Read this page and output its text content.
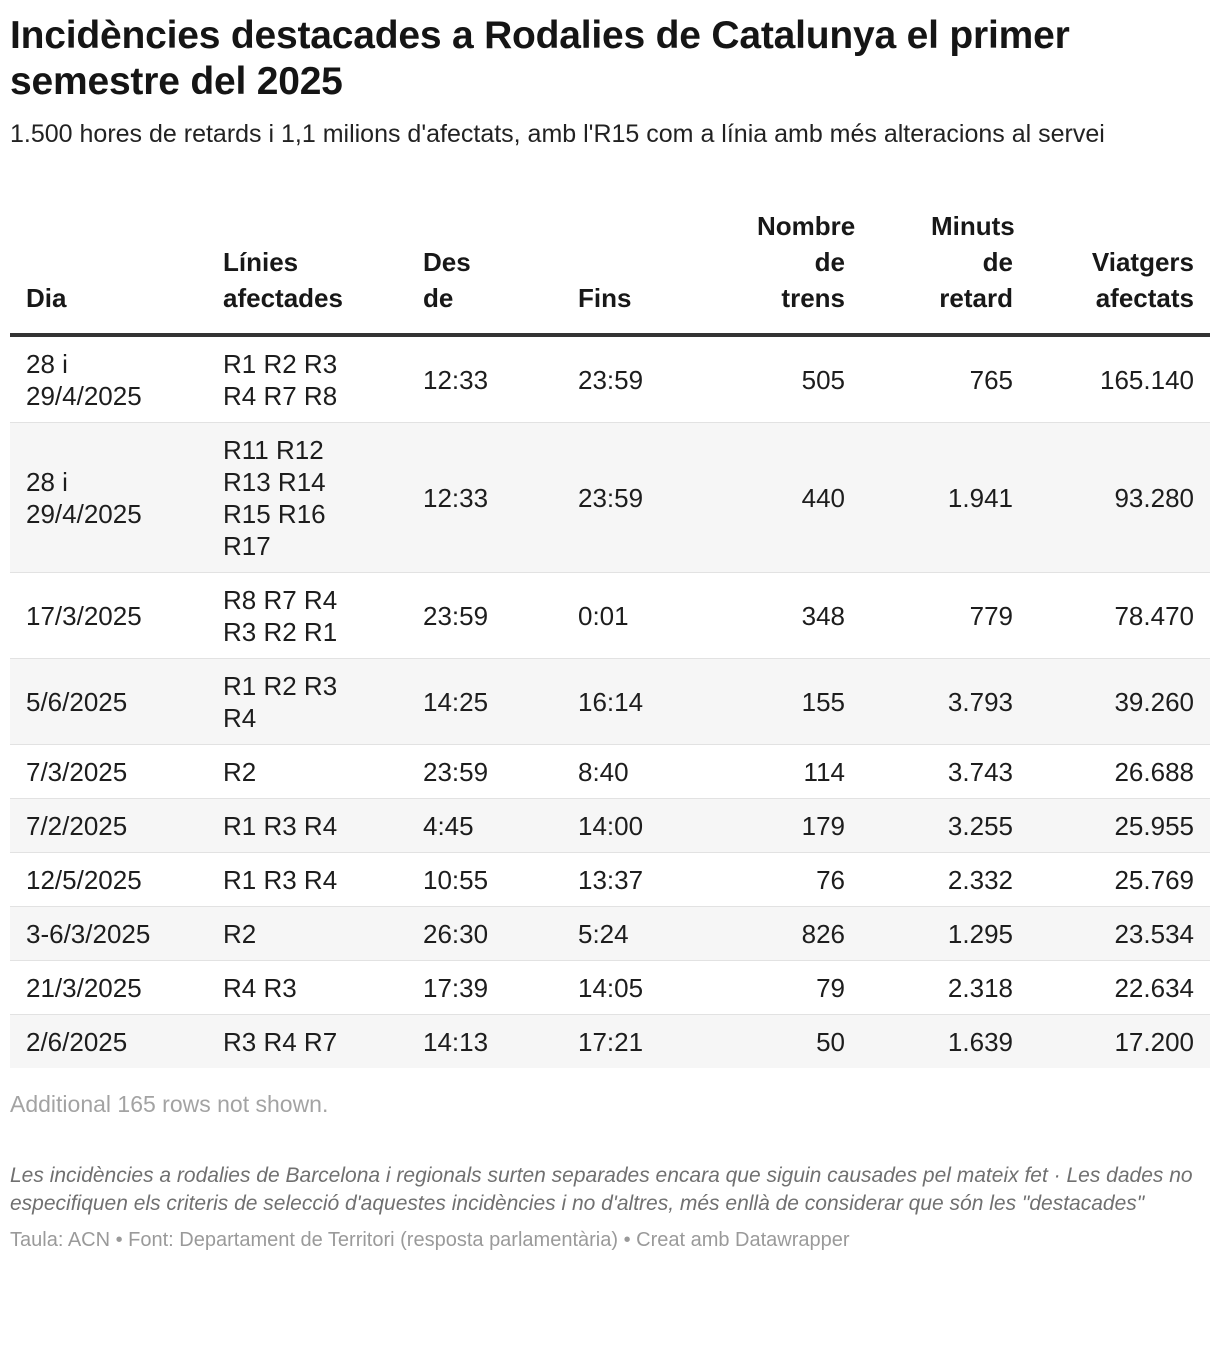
Incidències destacades a Rodalies de Catalunya el primer semestre del 2025

1.500 hores de retards i 1,1 milions d'afectats, amb l'R15 com a línia amb més alteracions al servei

Dia	Línies afectades	Des de	Fins	Nombre de trens	Minuts de retard	Viatgers afectats
28 i 29/4/2025	R1 R2 R3 R4 R7 R8	12:33	23:59	505	765	165.140
28 i 29/4/2025	R11 R12 R13 R14 R15 R16 R17	12:33	23:59	440	1.941	93.280
17/3/2025	R8 R7 R4 R3 R2 R1	23:59	0:01	348	779	78.470
5/6/2025	R1 R2 R3 R4	14:25	16:14	155	3.793	39.260
7/3/2025	R2	23:59	8:40	114	3.743	26.688
7/2/2025	R1 R3 R4	4:45	14:00	179	3.255	25.955
12/5/2025	R1 R3 R4	10:55	13:37	76	2.332	25.769
3-6/3/2025	R2	26:30	5:24	826	1.295	23.534
21/3/2025	R4 R3	17:39	14:05	79	2.318	22.634
2/6/2025	R3 R4 R7	14:13	17:21	50	1.639	17.200
Additional 165 rows not shown.
Les incidències a rodalies de Barcelona i regionals surten separades encara que siguin causades pel mateix fet · Les dades no especifiquen els criteris de selecció d'aquestes incidències i no d'altres, més enllà de considerar que són les "destacades"
Taula: ACN • Font: Departament de Territori (resposta parlamentària) • Creat amb Datawrapper
